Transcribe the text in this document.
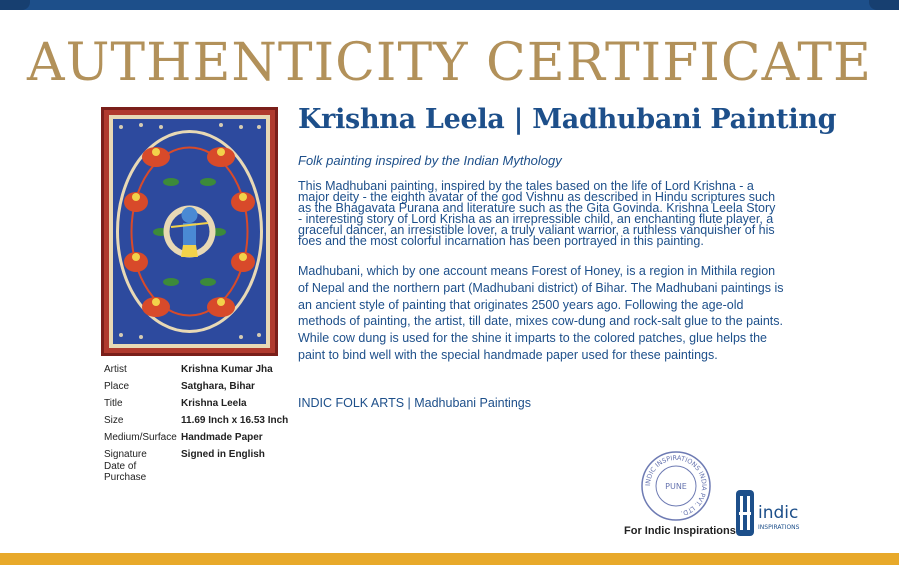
AUTHENTICITY CERTIFICATE
Artist	Krishna Kumar Jha
Place	Satghara, Bihar
Title	Krishna Leela
Size	11.69 Inch x 16.53 Inch
Medium/Surface Handmade Paper
Signature	Signed in English
Date of Purchase
Krishna Leela | Madhubani Painting
Folk painting inspired by the Indian Mythology
This Madhubani painting, inspired by the tales based on the life of Lord Krishna - a major deity - the eighth avatar of the god Vishnu as described in Hindu scriptures such as the Bhagavata Purana and literature such as the Gita Govinda. Krishna Leela Story - interesting story of Lord Krisha as an irrepressible child, an enchanting flute player, a graceful dancer, an irresistible lover, a truly valiant warrior, a ruthless vanquisher of his foes and the most colorful incarnation has been portrayed in this painting.
Madhubani, which by one account means Forest of Honey, is a region in Mithila region of Nepal and the northern part (Madhubani district) of Bihar. The Madhubani paintings is an ancient style of painting that originates 2500 years ago. Following the age-old methods of painting, the artist, till date, mixes cow-dung and rock-salt glue to the paints. While cow dung is used for the shine it imparts to the colored patches, glue helps the paint to bind well with the special handmade paper used for these paintings.
INDIC FOLK ARTS | Madhubani Paintings
INDIC INSPIRATIONS INDIA PVT. LTD.
PUNE
For Indic Inspirations
indic
INSPIRATIONS
